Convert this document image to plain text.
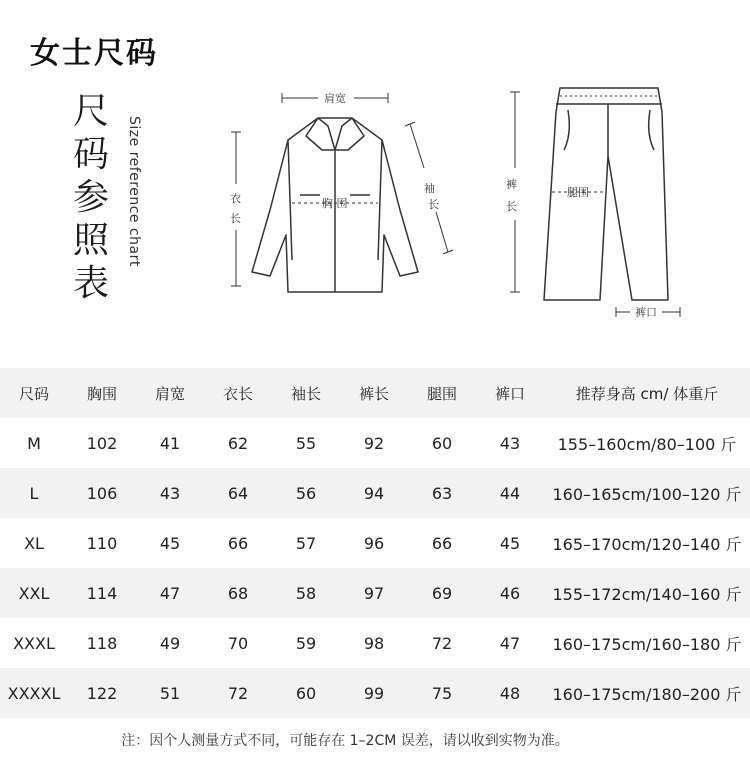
女士尺码
尺
码
参
照
表
Size reference chart
肩宽
胸 围
衣 长
袖 长
裤 长
腿围
裤口
尺码	胸围	肩宽	衣长	袖长	裤长	腿围	裤口	推荐身高 cm/ 体重斤
M	102	41	62	55	92	60	43	155–160cm/80–100 斤
L	106	43	64	56	94	63	44	160–165cm/100–120 斤
XL	110	45	66	57	96	66	45	165–170cm/120–140 斤
XXL	114	47	68	58	97	69	46	155–172cm/140–160 斤
XXXL	118	49	70	59	98	72	47	160–175cm/160–180 斤
XXXXL	122	51	72	60	99	75	48	160–175cm/180–200 斤
注：因个人测量方式不同，可能存在 1–2CM 误差，请以收到实物为准。
